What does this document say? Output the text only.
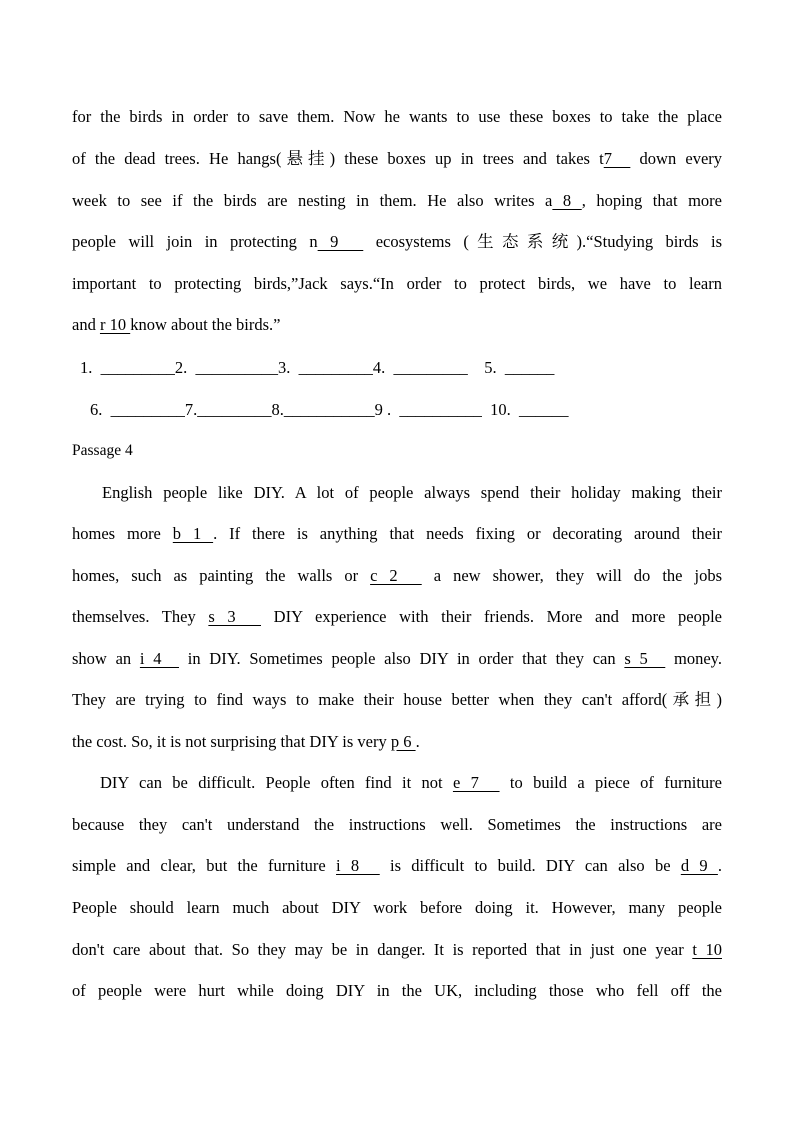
for the birds in order to save them. Now he wants to use these boxes to take the place
of the dead trees. He hangs(悬挂) these boxes up in trees and takes t7   down every
week to see if the birds are nesting in them. He also writes a 8 , hoping that more
people will join in protecting n 9   ecosystems (生态系统).“Studying birds is
important to protecting birds,”Jack says.“In order to protect birds, we have to learn
and r 10 know about the birds.”
1.  _________2.  __________3.  _________4.  _________    5.  ______
6.  _________7._________8.___________9 .  __________  10.  ______
Passage 4
English people like DIY. A lot of people always spend their holiday making their
homes more b 1 . If there is anything that needs fixing or decorating around their
homes, such as painting the walls or c 2   a new shower, they will do the jobs
themselves. They s 3   DIY experience with their friends. More and more people
show an i 4   in DIY. Sometimes people also DIY in order that they can s 5   money.
They are trying to find ways to make their house better when they can't afford(承担)
the cost. So, it is not surprising that DIY is very p 6 .
DIY can be difficult. People often find it not e 7   to build a piece of furniture
because they can't understand the instructions well. Sometimes the instructions are
simple and clear, but the furniture i 8   is difficult to build. DIY can also be d 9 .
People should learn much about DIY work before doing it. However, many people
don't care about that. So they may be in danger. It is reported that in just one year t 10
of people were hurt while doing DIY in the UK, including those who fell off the
